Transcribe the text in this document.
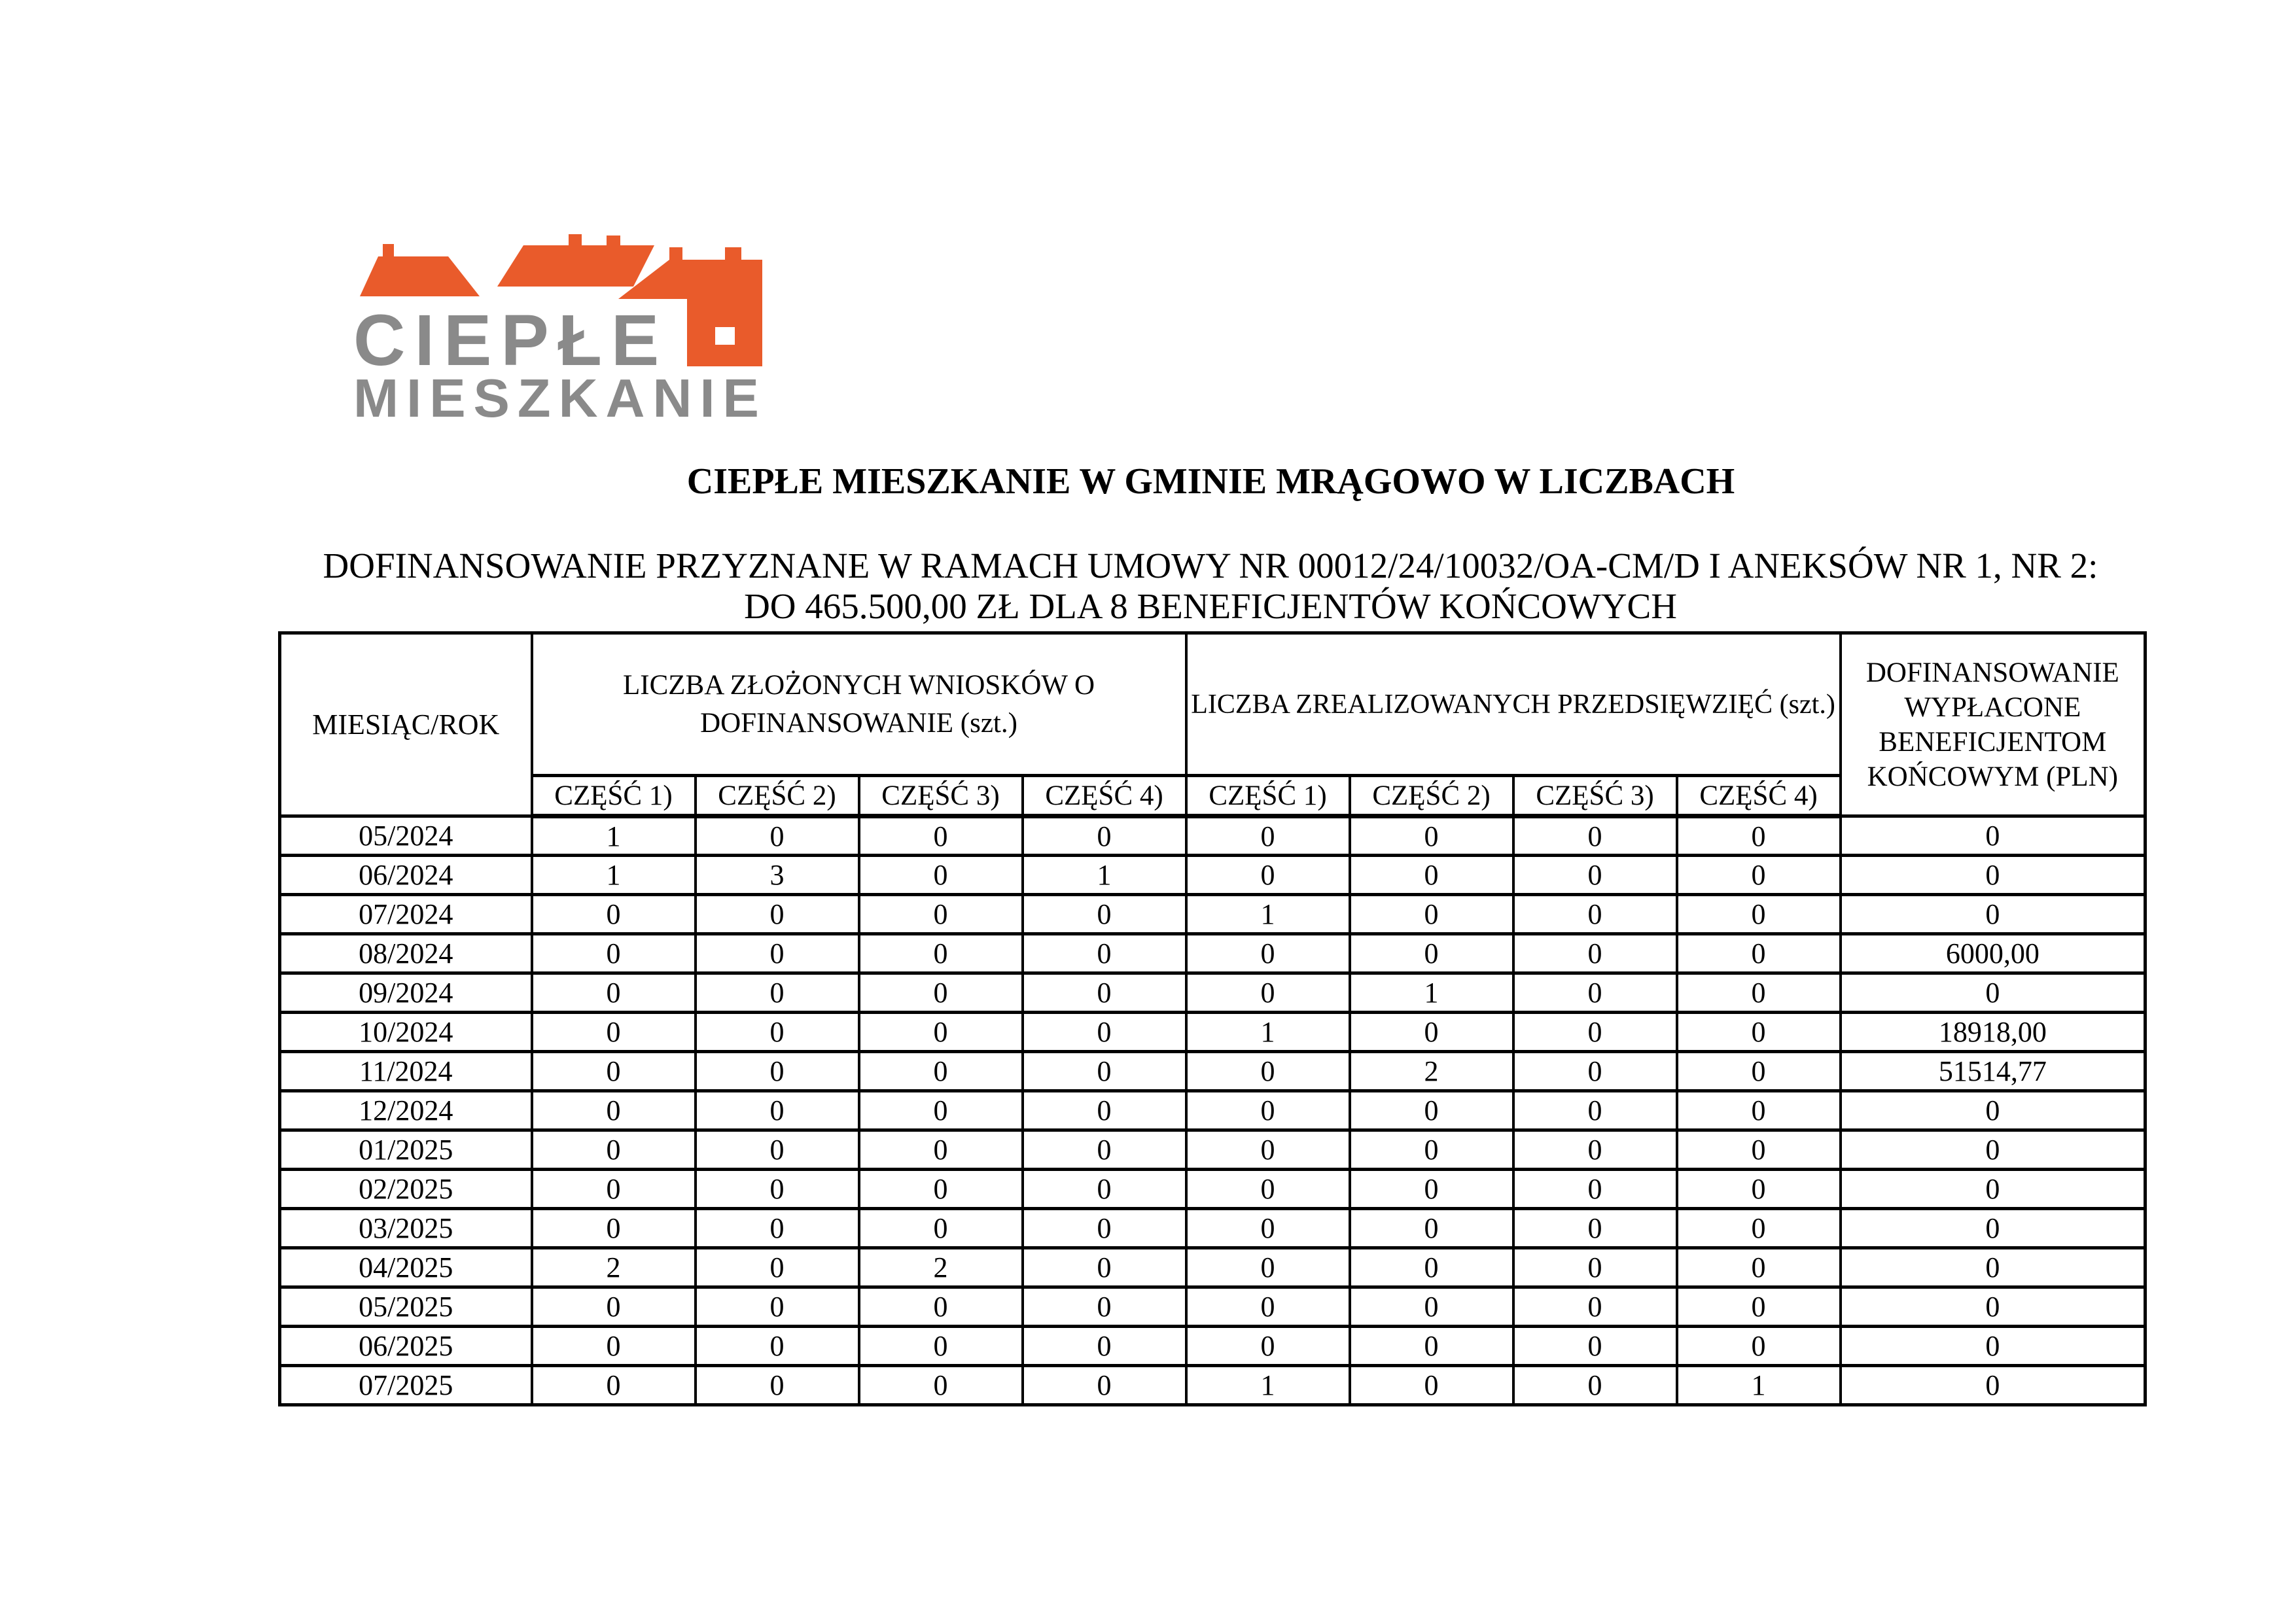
CIEPŁE
MIESZKANIE
CIEPŁE MIESZKANIE W GMINIE MRĄGOWO W LICZBACH
DOFINANSOWANIE PRZYZNANE W RAMACH UMOWY NR 00012/24/10032/OA-CM/D I ANEKSÓW NR 1, NR 2:
DO 465.500,00 ZŁ DLA 8 BENEFICJENTÓW KOŃCOWYCH
MIESIĄC/ROK	LICZBA ZŁOŻONYCH WNIOSKÓW O
DOFINANSOWANIE (szt.)				LICZBA ZREALIZOWANYCH PRZEDSIĘWZIĘĆ (szt.)				DOFINANSOWANIE WYPŁACONE BENEFICJENTOM KOŃCOWYM (PLN)
	CZĘŚĆ 1)	CZĘŚĆ 2)	CZĘŚĆ 3)	CZĘŚĆ 4)	CZĘŚĆ 1)	CZĘŚĆ 2)	CZĘŚĆ 3)	CZĘŚĆ 4)	
05/2024	1	0	0	0	0	0	0	0	0
06/2024	1	3	0	1	0	0	0	0	0
07/2024	0	0	0	0	1	0	0	0	0
08/2024	0	0	0	0	0	0	0	0	6000,00
09/2024	0	0	0	0	0	1	0	0	0
10/2024	0	0	0	0	1	0	0	0	18918,00
11/2024	0	0	0	0	0	2	0	0	51514,77
12/2024	0	0	0	0	0	0	0	0	0
01/2025	0	0	0	0	0	0	0	0	0
02/2025	0	0	0	0	0	0	0	0	0
03/2025	0	0	0	0	0	0	0	0	0
04/2025	2	0	2	0	0	0	0	0	0
05/2025	0	0	0	0	0	0	0	0	0
06/2025	0	0	0	0	0	0	0	0	0
07/2025	0	0	0	0	1	0	0	1	0
